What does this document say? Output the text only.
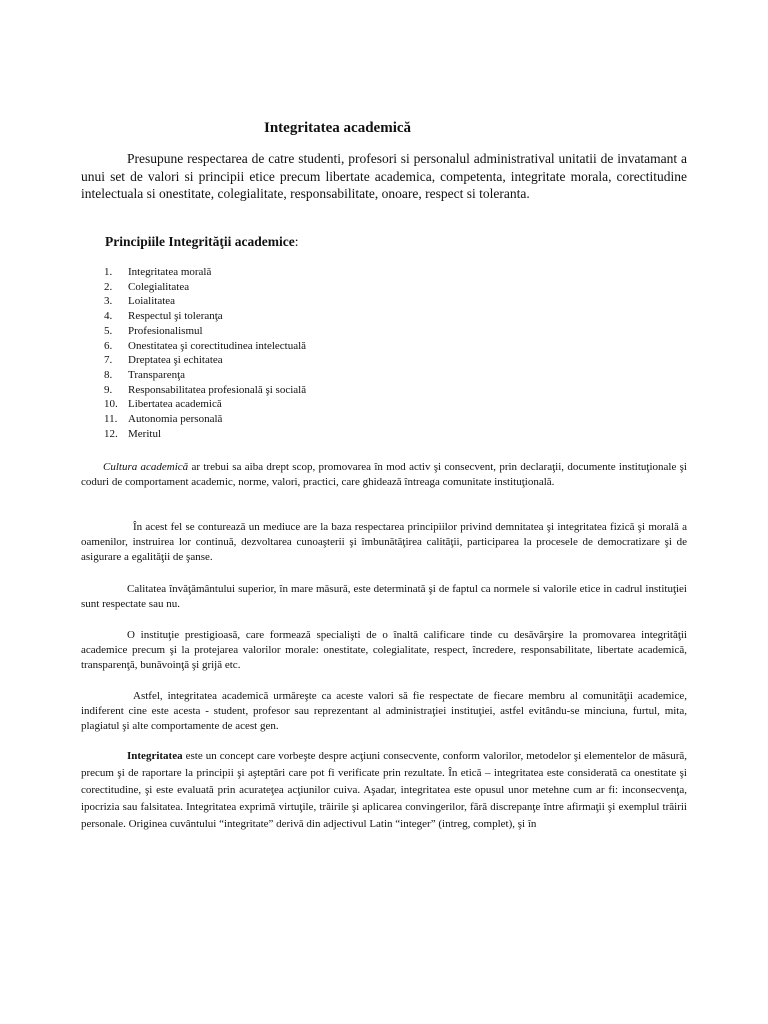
Integritatea academică

Presupune respectarea de catre studenti, profesori si personalul administratival unitatii de invatamant a unui set de valori si principii etice precum libertate academica, competenta, integritate morala, corectitudine intelectuala si onestitate, colegialitate, responsabilitate, onoare, respect si toleranta.

Principiile Integrităţii academice:

1.	Integritatea morală
2.	Colegialitatea
3.	Loialitatea
4.	Respectul şi toleranţa
5.	Profesionalismul
6.	Onestitatea şi corectitudinea intelectuală
7.	Dreptatea şi echitatea
8.	Transparenţa
9.	Responsabilitatea profesională şi socială
10. Libertatea academică
11. Autonomia personală
12. Meritul

Cultura academică ar trebui sa aiba drept scop, promovarea în mod activ şi consecvent, prin declaraţii, documente instituţionale şi coduri de comportament academic, norme, valori, practici, care ghidează întreaga comunitate instituţională.

În acest fel se conturează un mediuce are la baza respectarea principiilor privind demnitatea şi integritatea fizică şi morală a oamenilor, instruirea lor continuă, dezvoltarea cunoaşterii şi îmbunătăţirea calităţii, participarea la procesele de democratizare şi de asigurare a egalităţii de şanse.

Calitatea învăţământului superior, în mare măsură, este determinată şi de faptul ca normele si valorile etice in cadrul instituţiei sunt respectate sau nu.

O instituţie prestigioasă, care formează specialişti de o înaltă calificare tinde cu desăvârşire la promovarea integrităţii academice precum şi la protejarea valorilor morale: onestitate, colegialitate, respect, încredere, responsabilitate, libertate academică, transparenţă, bunăvoinţă şi grijă etc.

Astfel, integritatea academică urmăreşte ca aceste valori să fie respectate de fiecare membru al comunităţii academice, indiferent cine este acesta - student, profesor sau reprezentant al administraţiei instituţiei, astfel evitându-se minciuna, furtul, mita, plagiatul şi alte comportamente de acest gen.

Integritatea este un concept care vorbeşte despre acţiuni consecvente, conform valorilor, metodelor şi elementelor de măsură, precum şi de raportare la principii şi aşteptări care pot fi verificate prin rezultate. În etică – integritatea este considerată ca onestitate şi corectitudine, şi este evaluată prin acurateţea acţiunilor cuiva. Aşadar, integritatea este opusul unor metehne cum ar fi: inconsecvenţa, ipocrizia sau falsitatea. Integritatea exprimă virtuţile, trăirile şi aplicarea convingerilor, fără discrepanţe între afirmaţii şi exemplul trăirii personale. Originea cuvântului “integritate” derivă din adjectivul Latin “integer” (intreg, complet), şi în
